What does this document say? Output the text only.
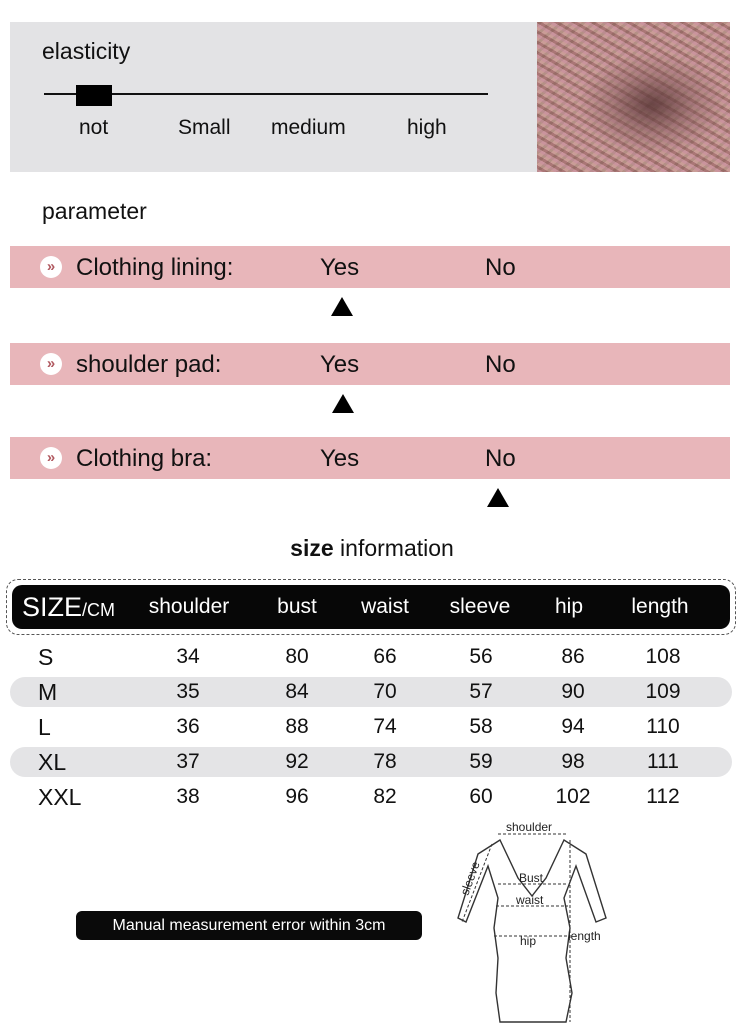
elasticity
not	Small medium	high
parameter
» Clothing lining:	Yes	No
» shoulder pad:	Yes	No
» Clothing bra:	Yes	No
size information
SIZE/CM	shoulder	bust	waist	sleeve	hip	length
S	34	80	66	56	86	108
M	35	84	70	57	90	109
L	36	88	74	58	94	110
XL	37	92	78	59	98	111
XXL	38	96	82	60	102	112
Manual measurement error within 3cm
shoulder
sleeve	Bust
waist
hip	length
